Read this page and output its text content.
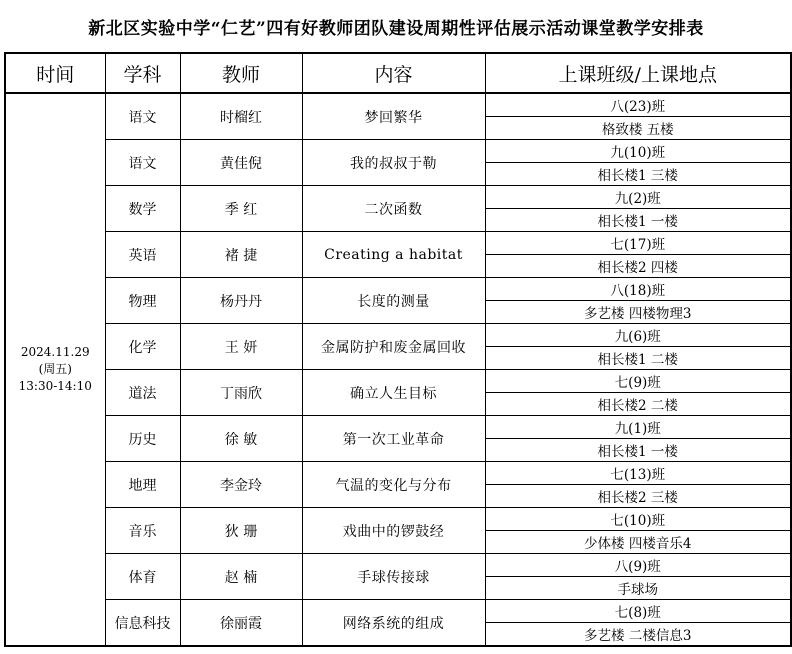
新北区实验中学“仁艺”四有好教师团队建设周期性评估展示活动课堂教学安排表
时间	学科	教师	内容	上课班级/上课地点

2024.11.29
(周五)
13:30-14:10	语文	时榴红	梦回繁华	八(23)班
				格致楼 五楼
	语文	黄佳倪	我的叔叔于勒	九(10)班
				相长楼1 三楼
	数学	季 红	二次函数	九(2)班
				相长楼1 一楼
	英语	褚 捷	Creating a habitat	七(17)班
				相长楼2 四楼
	物理	杨丹丹	长度的测量	八(18)班
				多艺楼 四楼物理3
	化学	王 妍	金属防护和废金属回收	九(6)班
				相长楼1 二楼
	道法	丁雨欣	确立人生目标	七(9)班
				相长楼2 二楼
	历史	徐 敏	第一次工业革命	九(1)班
				相长楼1 一楼
	地理	李金玲	气温的变化与分布	七(13)班
				相长楼2 三楼
	音乐	狄 珊	戏曲中的锣鼓经	七(10)班
				少体楼 四楼音乐4
	体育	赵 楠	手球传接球	八(9)班
				手球场
	信息科技	徐丽霞	网络系统的组成	七(8)班
				多艺楼 二楼信息3
